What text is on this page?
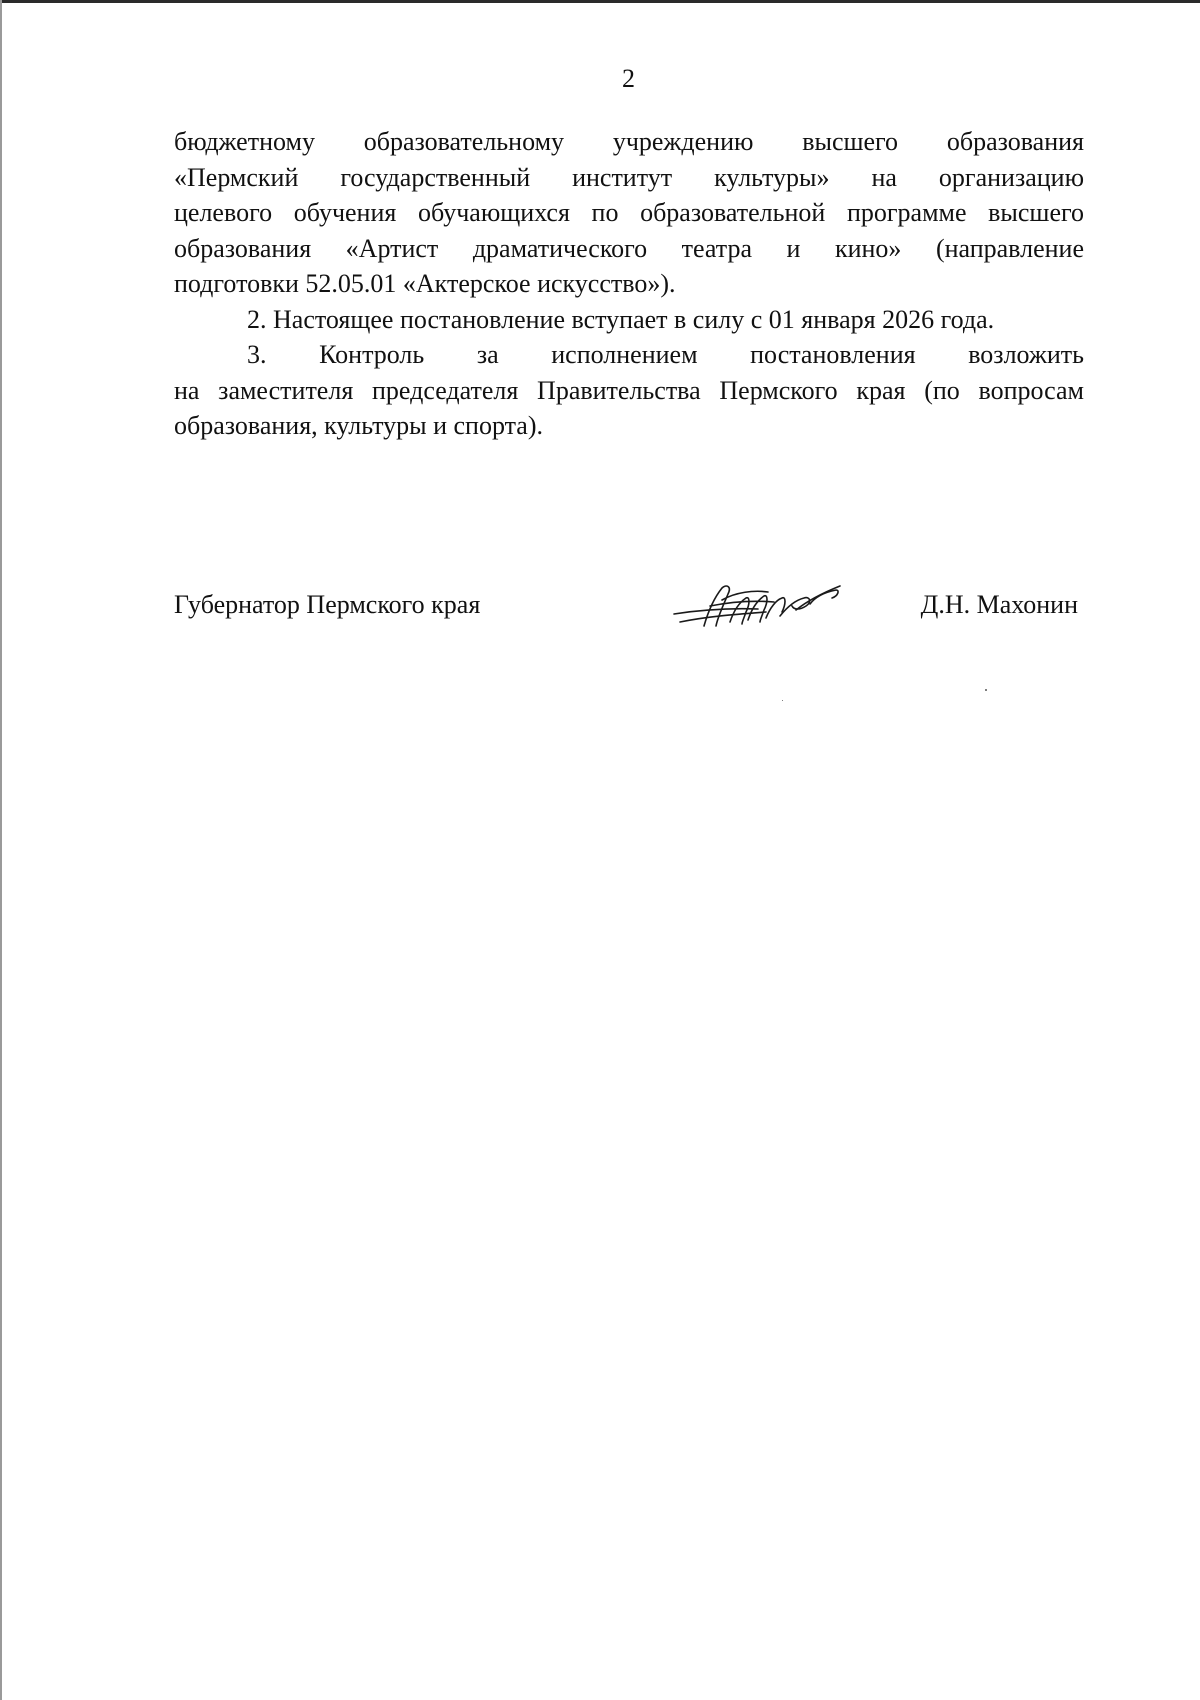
2

бюджетному образовательному учреждению высшего образования

«Пермский государственный институт культуры» на организацию

целевого обучения обучающихся по образовательной программе высшего

образования «Артист драматического театра и кино» (направление

подготовки 52.05.01 «Актерское искусство»).

2. Настоящее постановление вступает в силу с 01 января 2026 года.

3. Контроль за исполнением постановления возложить

на заместителя председателя Правительства Пермского края (по вопросам образования, культуры и спорта).

Губернатор Пермского края	Д.Н. Махонин
